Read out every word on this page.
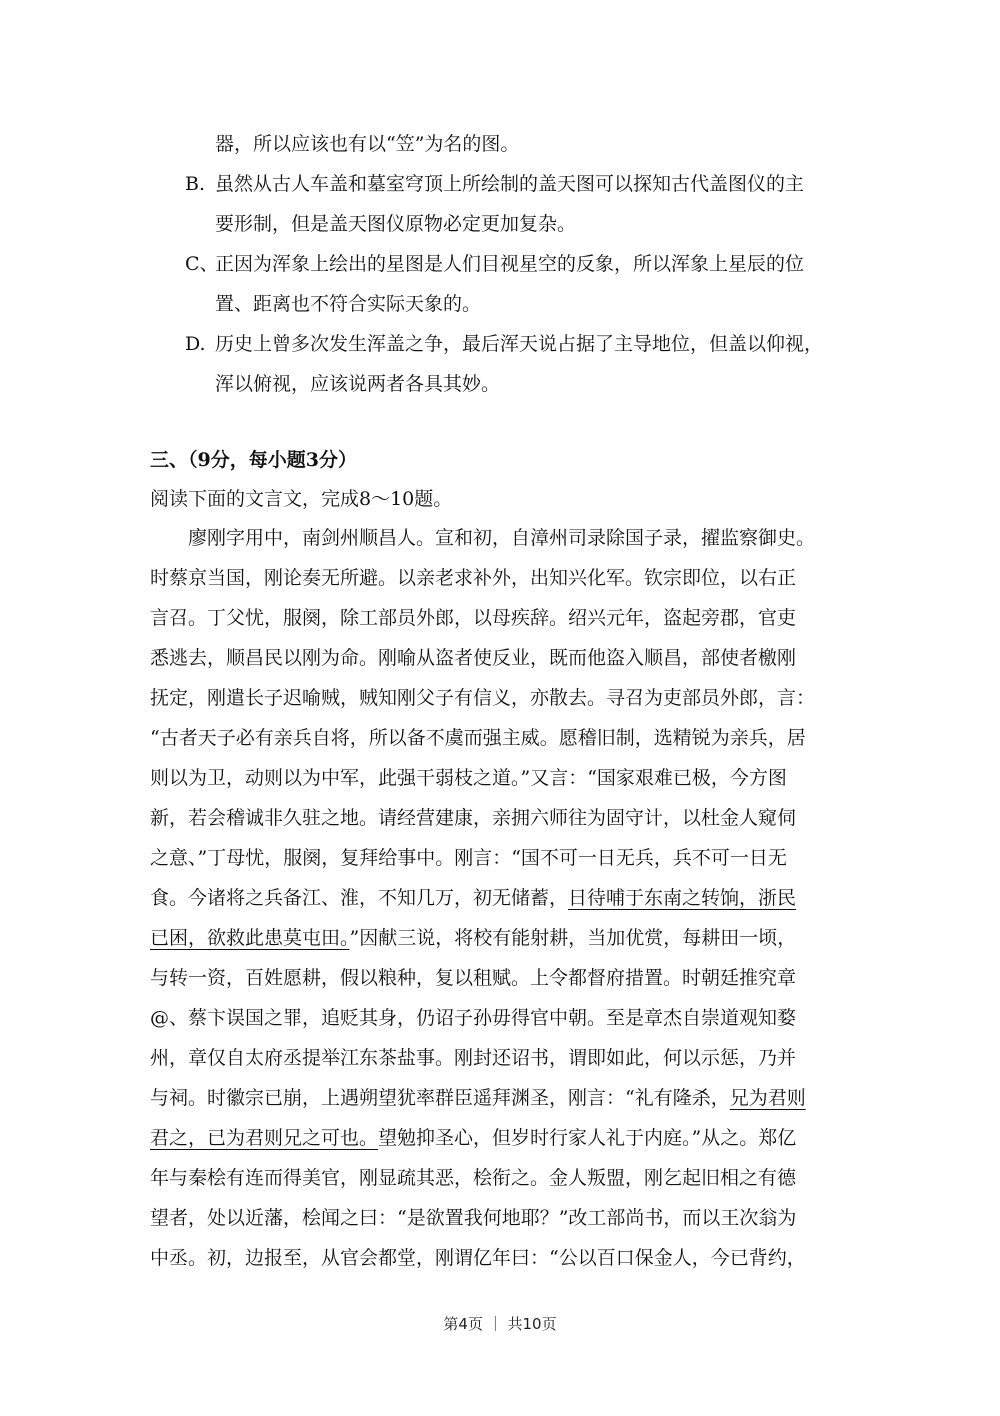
器，所以应该也有以“笠”为名的图。
B. 虽然从古人车盖和墓室穹顶上所绘制的盖天图可以探知古代盖图仪的主
要形制，但是盖天图仪原物必定更加复杂。
C、
正因为浑象上绘出的星图是人们目视星空的反象，所以浑象上星辰的位
置、距离也不符合实际天象的。
D. 历史上曾多次发生浑盖之争，最后浑天说占据了主导地位，但盖以仰视，
浑以俯视，应该说两者各具其妙。
三、（9分，每小题3分）
阅读下面的文言文，完成8～10题。
　　廖刚字用中，南剑州顺昌人。宣和初，自漳州司录除国子录，擢监察御史。
时蔡京当国，刚论奏无所避。以亲老求补外，出知兴化军。钦宗即位，以右正
言召。丁父忧，服阕，除工部员外郎，以母疾辞。绍兴元年，盗起旁郡，官吏
悉逃去，顺昌民以刚为命。刚喻从盗者使反业，既而他盗入顺昌，部使者檄刚
抚定，刚遣长子迟喻贼，贼知刚父子有信义，亦散去。寻召为吏部员外郎，言：
“古者天子必有亲兵自将，所以备不虞而强主威。愿稽旧制，选精锐为亲兵，居
则以为卫，动则以为中军，此强干弱枝之道。”又言：“国家艰难已极，今方图
新，若会稽诚非久驻之地。请经营建康，亲拥六师往为固守计，以杜金人窥伺
之意、”丁母忧，服阕，复拜给事中。刚言：“国不可一日无兵，兵不可一日无
食。今诸将之兵备江、淮，不知几万，初无储蓄，日待哺于东南之转饷，浙民
已困，欲救此患莫屯田。”因献三说，将校有能射耕，当加优赏，每耕田一顷，
与转一资，百姓愿耕，假以粮种，复以租赋。上令都督府措置。时朝廷推究章
@、蔡卞误国之罪，追贬其身，仍诏子孙毋得官中朝。至是章杰自崇道观知婺
州，章仅自太府丞提举江东茶盐事。刚封还诏书，谓即如此，何以示惩，乃并
与祠。时徽宗已崩，上遇朔望犹率群臣遥拜渊圣，刚言：“礼有隆杀，兄为君则
君之，已为君则兄之可也。望勉抑圣心，但岁时行家人礼于内庭。”从之。郑亿
年与秦桧有连而得美官，刚显疏其恶，桧衔之。金人叛盟，刚乞起旧相之有德
望者，处以近藩，桧闻之曰：“是欲置我何地耶？”改工部尚书，而以王次翁为
中丞。初，边报至，从官会都堂，刚谓亿年曰：“公以百口保金人，今已背约，
第4页 ｜ 共10页
